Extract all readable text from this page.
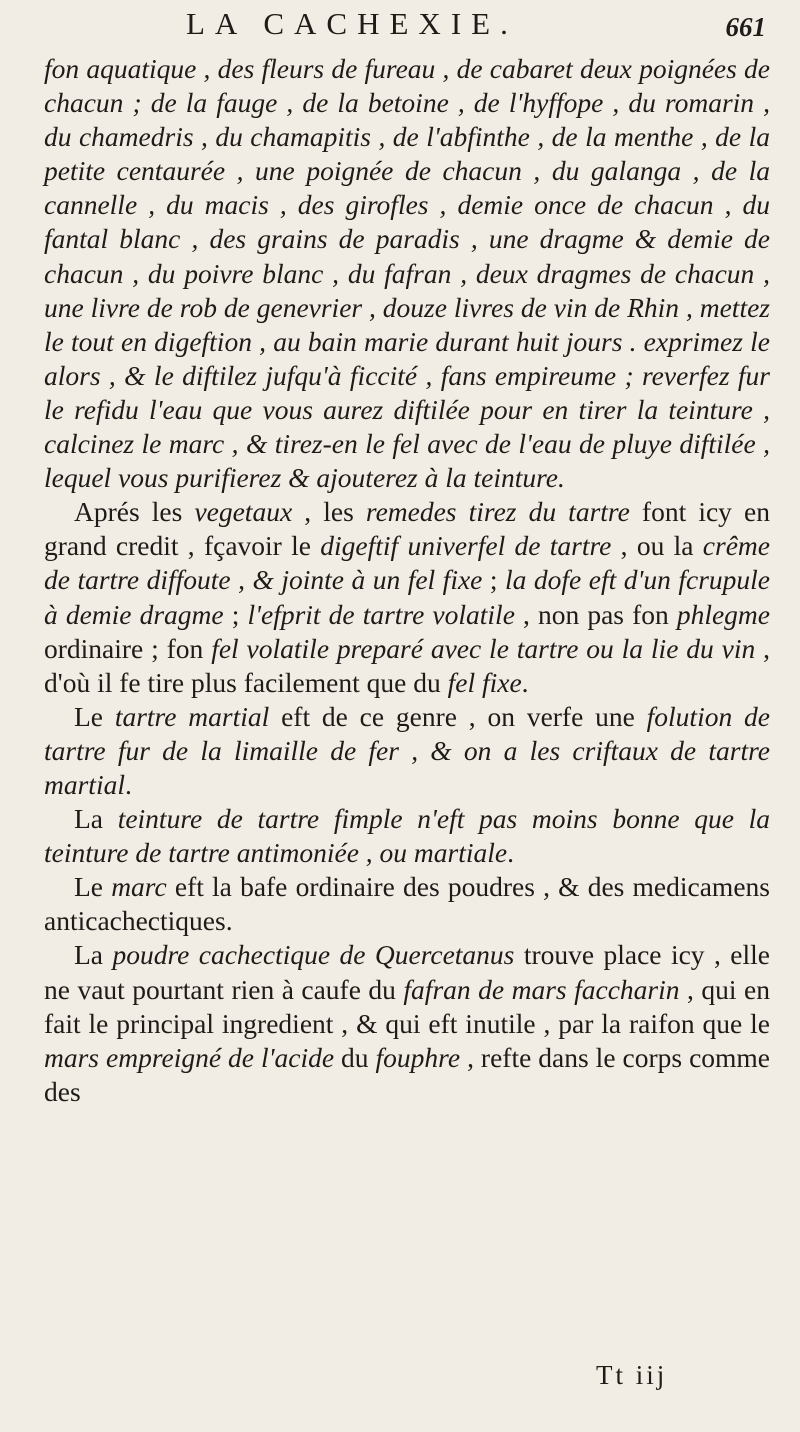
LA CACHEXIE.	661

fon aquatique , des fleurs de fureau , de cabaret deux poignées de chacun ; de la fauge , de la betoine , de l'hyffope , du romarin , du chamedris , du chamapitis , de l'abfinthe , de la menthe , de la petite centaurée , une poignée de chacun , du galanga , de la cannelle , du macis , des girofles , demie once de chacun , du fantal blanc , des grains de paradis , une dragme & demie de chacun , du poivre blanc , du fafran , deux dragmes de chacun , une livre de rob de genevrier , douze livres de vin de Rhin , mettez le tout en digeftion , au bain marie durant huit jours . exprimez le alors , & le diftilez jufqu'à ficcité , fans empireume ; reverfez fur le refidu l'eau que vous aurez diftilée pour en tirer la teinture , calcinez le marc , & tirez-en le fel avec de l'eau de pluye diftilée , lequel vous purifierez & ajouterez à la teinture.

Aprés les vegetaux , les remedes tirez du tartre font icy en grand credit , fçavoir le digeftif univerfel de tartre , ou la crême de tartre diffoute , & jointe à un fel fixe ; la dofe eft d'un fcrupule à demie dragme ; l'efprit de tartre volatile , non pas fon phlegme ordinaire ; fon fel volatile preparé avec le tartre ou la lie du vin , d'où il fe tire plus facilement que du fel fixe.

Le tartre martial eft de ce genre , on verfe une folution de tartre fur de la limaille de fer , & on a les criftaux de tartre martial.

La teinture de tartre fimple n'eft pas moins bonne que la teinture de tartre antimoniée , ou martiale.

Le marc eft la bafe ordinaire des poudres , & des medicamens anticachectiques.

La poudre cachectique de Quercetanus trouve place icy , elle ne vaut pourtant rien à caufe du fafran de mars faccharin , qui en fait le principal ingredient , & qui eft inutile , par la raifon que le mars empreigné de l'acide du fouphre , refte dans le corps comme des

Tt iij
